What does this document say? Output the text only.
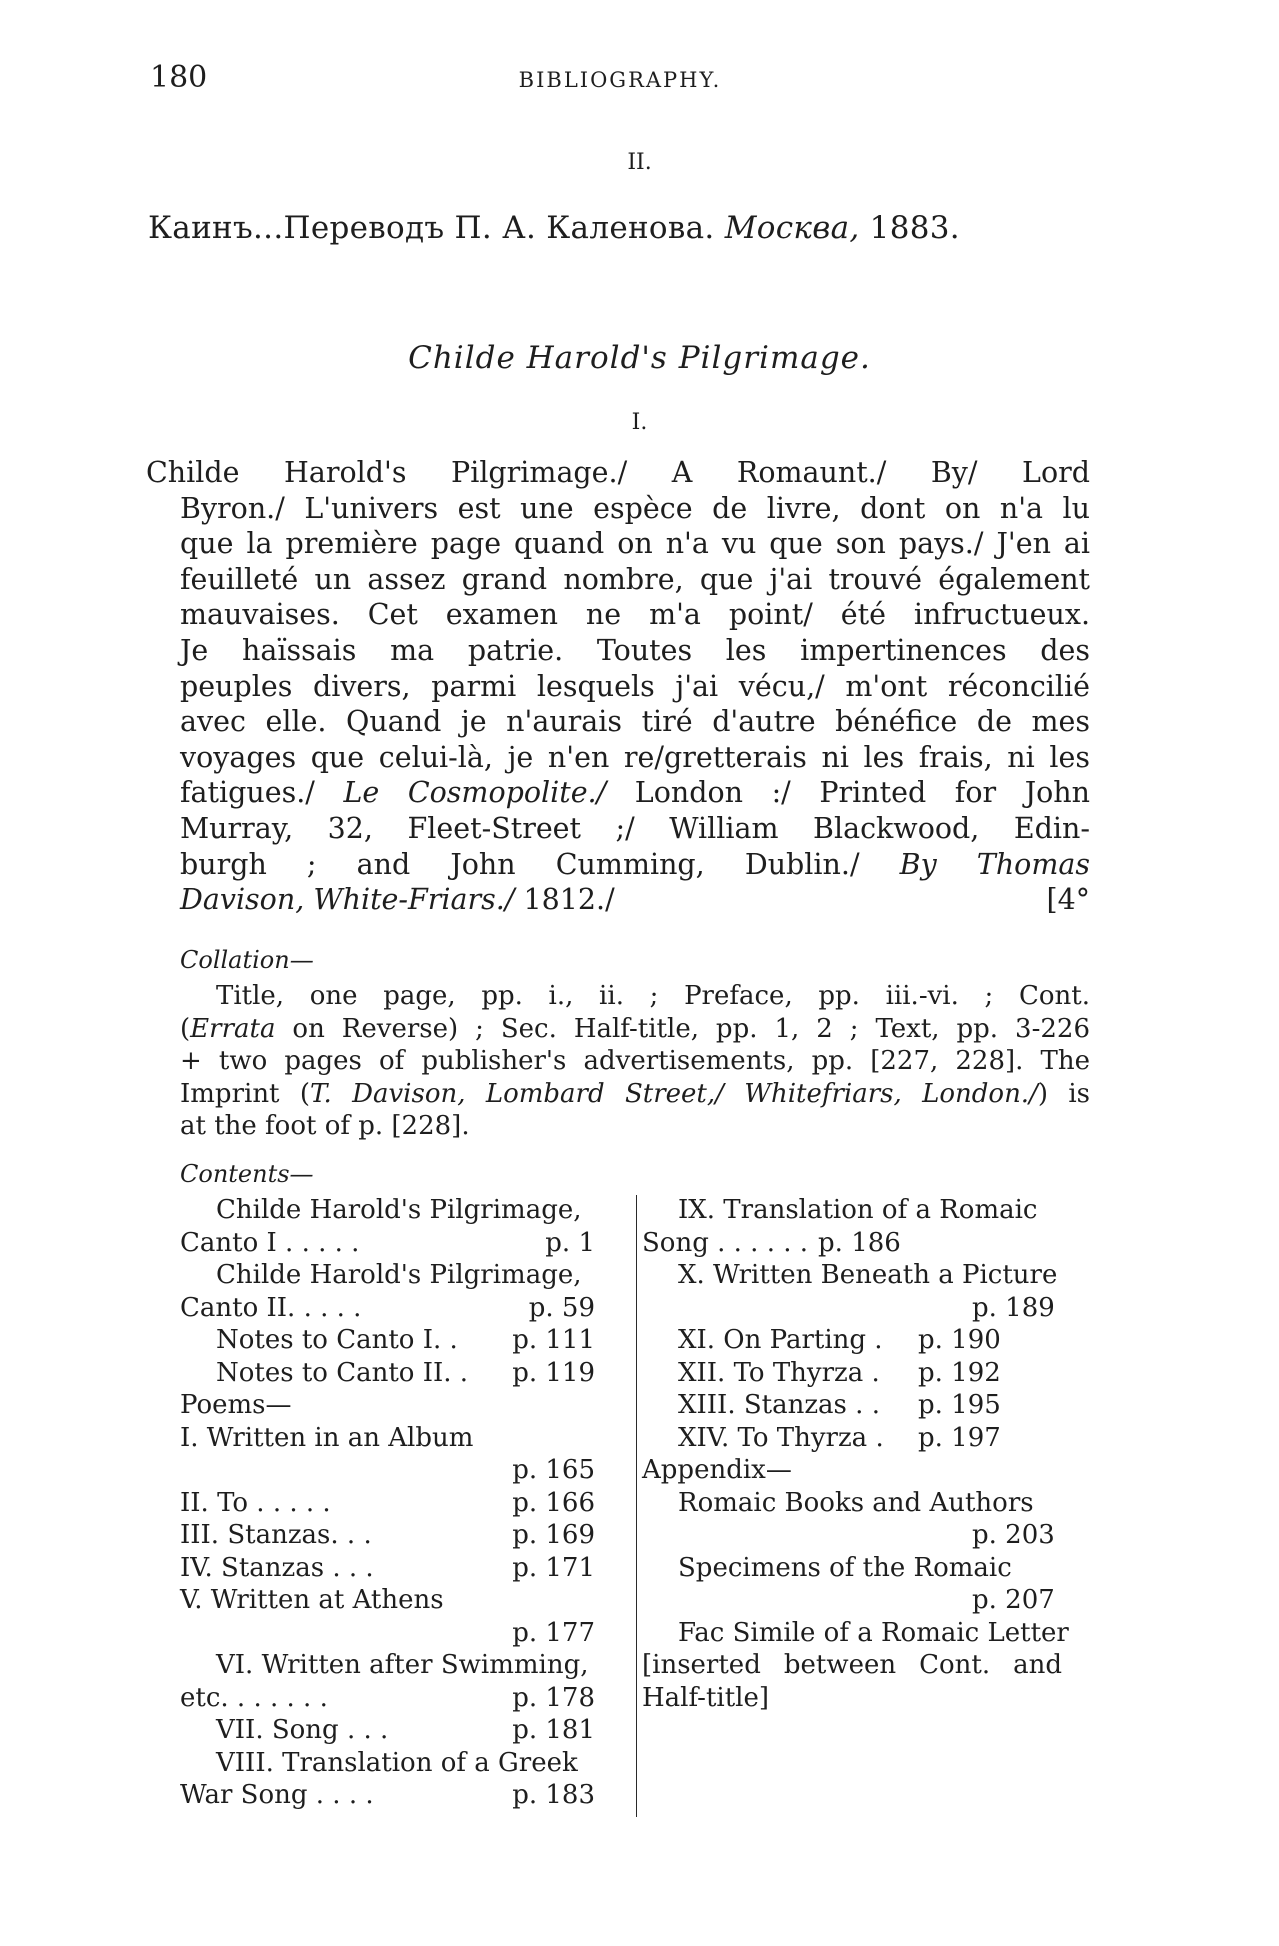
180	BIBLIOGRAPHY.
II.
Каинъ...Переводъ П. А. Каленова. Москва, 1883.
Childe Harold's Pilgrimage.
I.
Childe Harold's Pilgrimage./ A Romaunt./ By/ Lord
Byron./ L'univers est une espèce de livre, dont on n'a lu
que la première page quand on n'a vu que son pays./ J'en ai
feuilleté un assez grand nombre, que j'ai trouvé également
mauvaises. Cet examen ne m'a point/ été infructueux.
Je haïssais ma patrie. Toutes les impertinences des
peuples divers, parmi lesquels j'ai vécu,/ m'ont réconcilié
avec elle. Quand je n'aurais tiré d'autre bénéfice de mes
voyages que celui-là, je n'en re/gretterais ni les frais, ni les
fatigues./ Le Cosmopolite./ London :/ Printed for John
Murray, 32, Fleet-Street ;/ William Blackwood, Edin-
burgh ; and John Cumming, Dublin./ By Thomas
Davison, White-Friars./ 1812./	[4°
Collation—
Title, one page, pp. i., ii. ; Preface, pp. iii.-vi. ; Cont.
(Errata on Reverse) ; Sec. Half-title, pp. 1, 2 ; Text, pp. 3-226
+ two pages of publisher's advertisements, pp. [227, 228]. The
Imprint (T. Davison, Lombard Street,/ Whitefriars, London./) is
at the foot of p. [228].
Contents—
Childe Harold's Pilgrimage,
Canto I . . . . .	p. 1
Childe Harold's Pilgrimage,
Canto II. . . . .	p. 59
Notes to Canto I. . p. 111
Notes to Canto II. . p. 119
Poems—
I. Written in an Album
p. 165
II. To . . . . .	p. 166
III. Stanzas. . .	p. 169
IV. Stanzas . . .	p. 171
V. Written at Athens
p. 177
VI. Written after Swimming,
etc. . . . . . .	p. 178
VII. Song . . .	p. 181
VIII. Translation of a Greek
War Song . . . .	p. 183
IX. Translation of a Romaic
Song . . . . . . p. 186
X. Written Beneath a Picture
p. 189
XI. On Parting . p. 190
XII. To Thyrza . p. 192
XIII. Stanzas . . p. 195
XIV. To Thyrza . p. 197
Appendix—
Romaic Books and Authors
p. 203
Specimens of the Romaic
p. 207
Fac Simile of a Romaic Letter
[inserted between Cont. and
Half-title]
